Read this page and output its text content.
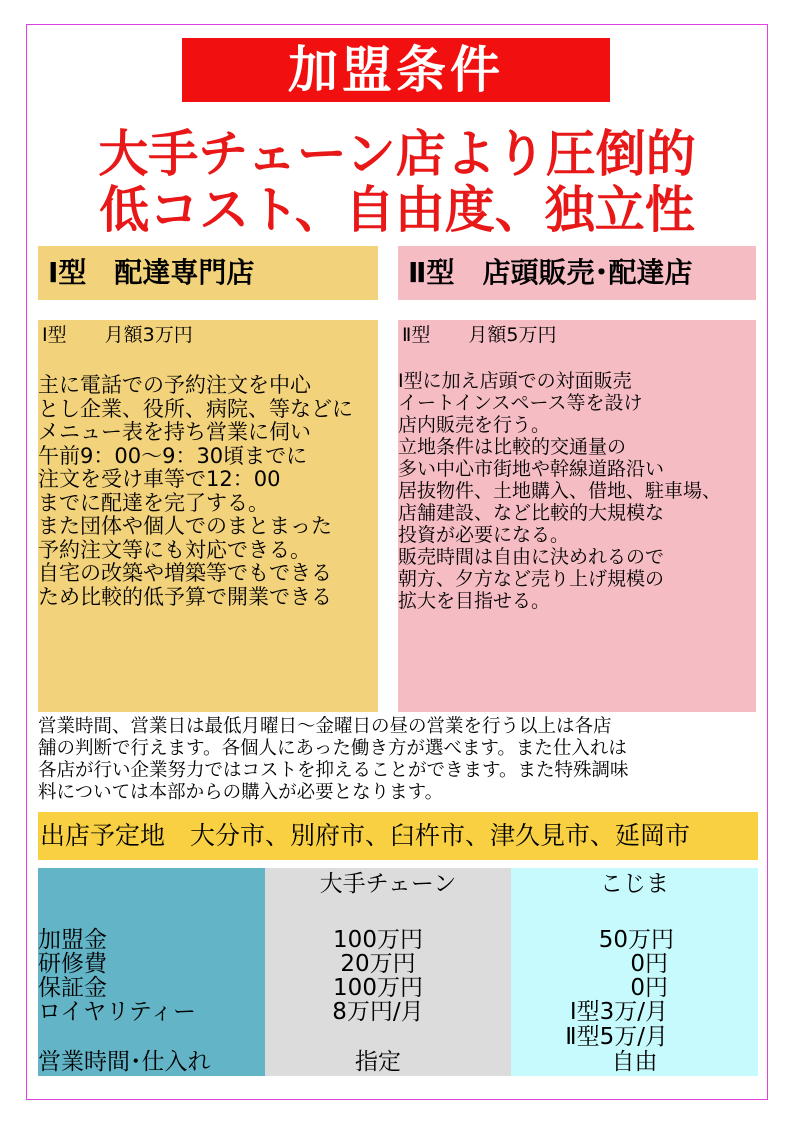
加盟条件
大手チェーン店より圧倒的
低コスト、自由度、独立性
Ⅰ型　配達専門店	Ⅱ型　店頭販売･配達店
Ⅰ型　　月額3万円
主に電話での予約注文を中心
とし企業、役所、病院、等などに
メニュー表を持ち営業に伺い
午前9：00～9：30頃までに
注文を受け車等で12：00
までに配達を完了する。
また団体や個人でのまとまった
予約注文等にも対応できる。
自宅の改築や増築等でもできる
ため比較的低予算で開業できる
Ⅱ型　　月額5万円
Ⅰ型に加え店頭での対面販売
イートインスペース等を設け
店内販売を行う。
立地条件は比較的交通量の
多い中心市街地や幹線道路沿い
居抜物件、土地購入、借地、駐車場、
店舗建設、など比較的大規模な
投資が必要になる。
販売時間は自由に決めれるので
朝方、夕方など売り上げ規模の
拡大を目指せる。
営業時間、営業日は最低月曜日～金曜日の昼の営業を行う以上は各店
舗の判断で行えます。各個人にあった働き方が選べます。また仕入れは
各店が行い企業努力ではコストを抑えることができます。また特殊調味
料については本部からの購入が必要となります。
出店予定地　大分市、別府市、臼杵市、津久見市、延岡市
加盟金
研修費
保証金
ロイヤリティー
営業時間･仕入れ
大手チェーン
100万円
20万円
100万円
8万円/月
指定
こじま
50万円
0円
0円
Ⅰ型3万/月
Ⅱ型5万/月
自由
